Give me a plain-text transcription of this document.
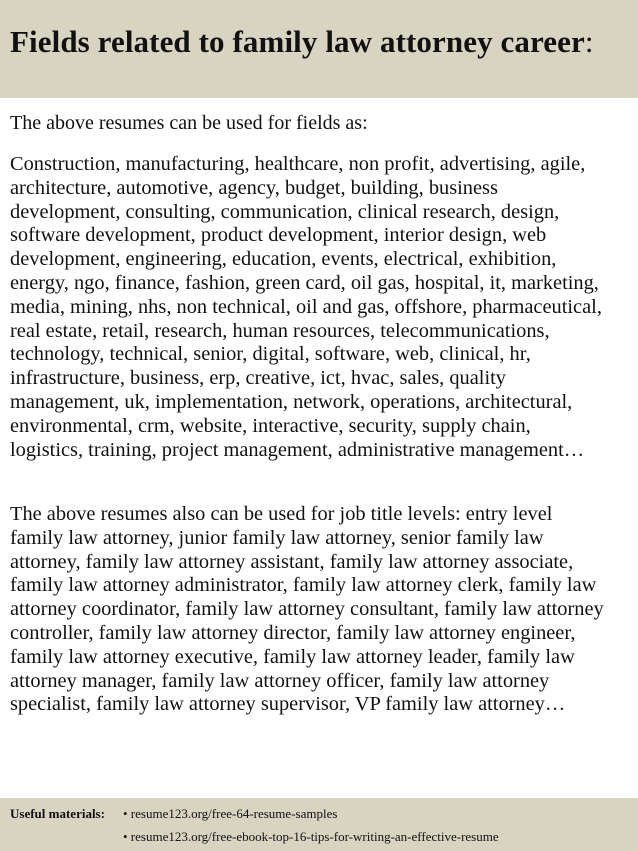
Fields related to family law attorney career:

The above resumes can be used for fields as:

Construction, manufacturing, healthcare, non profit, advertising, agile,
architecture, automotive, agency, budget, building, business
development, consulting, communication, clinical research, design,
software development, product development, interior design, web
development, engineering, education, events, electrical, exhibition,
energy, ngo, finance, fashion, green card, oil gas, hospital, it, marketing,
media, mining, nhs, non technical, oil and gas, offshore, pharmaceutical,
real estate, retail, research, human resources, telecommunications,
technology, technical, senior, digital, software, web, clinical, hr,
infrastructure, business, erp, creative, ict, hvac, sales, quality
management, uk, implementation, network, operations, architectural,
environmental, crm, website, interactive, security, supply chain,
logistics, training, project management, administrative management…

The above resumes also can be used for job title levels: entry level
family law attorney, junior family law attorney, senior family law
attorney, family law attorney assistant, family law attorney associate,
family law attorney administrator, family law attorney clerk, family law
attorney coordinator, family law attorney consultant, family law attorney
controller, family law attorney director, family law attorney engineer,
family law attorney executive, family law attorney leader, family law
attorney manager, family law attorney officer, family law attorney
specialist, family law attorney supervisor, VP family law attorney…

Useful materials: • resume123.org/free-64-resume-samples
• resume123.org/free-ebook-top-16-tips-for-writing-an-effective-resume
